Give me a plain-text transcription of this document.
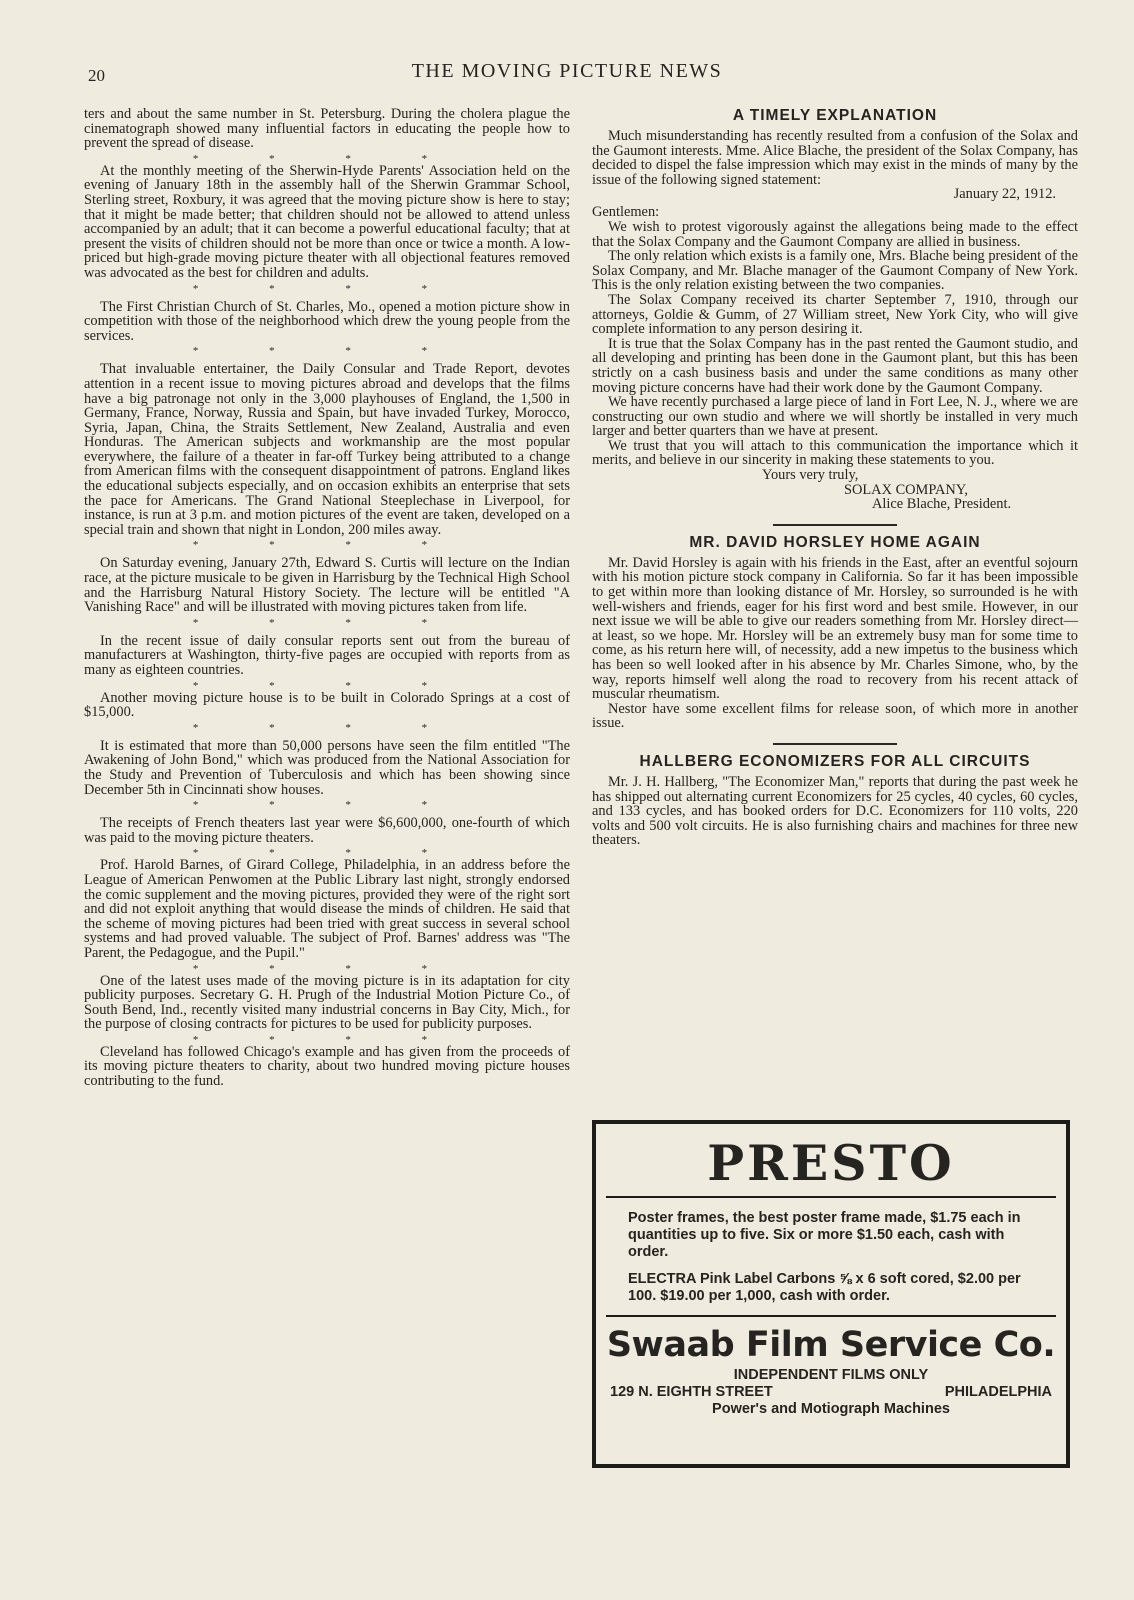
20	THE MOVING PICTURE NEWS

ters and about the same number in St. Petersburg. During the cholera plague the cinematograph showed many influential factors in educating the people how to prevent the spread of disease.

* * * *

At the monthly meeting of the Sherwin-Hyde Parents' Association held on the evening of January 18th in the assembly hall of the Sherwin Grammar School, Sterling street, Roxbury, it was agreed that the moving picture show is here to stay; that it might be made better; that children should not be allowed to attend unless accompanied by an adult; that it can become a powerful educational faculty; that at present the visits of children should not be more than once or twice a month. A low-priced but high-grade moving picture theater with all objectional features removed was advocated as the best for children and adults.

* * * *

The First Christian Church of St. Charles, Mo., opened a motion picture show in competition with those of the neighborhood which drew the young people from the services.

* * * *

That invaluable entertainer, the Daily Consular and Trade Report, devotes attention in a recent issue to moving pictures abroad and develops that the films have a big patronage not only in the 3,000 playhouses of England, the 1,500 in Germany, France, Norway, Russia and Spain, but have invaded Turkey, Morocco, Syria, Japan, China, the Straits Settlement, New Zealand, Australia and even Honduras. The American subjects and workmanship are the most popular everywhere, the failure of a theater in far-off Turkey being attributed to a change from American films with the consequent disappointment of patrons. England likes the educational subjects especially, and on occasion exhibits an enterprise that sets the pace for Americans. The Grand National Steeplechase in Liverpool, for instance, is run at 3 p.m. and motion pictures of the event are taken, developed on a special train and shown that night in London, 200 miles away.

* * * *

On Saturday evening, January 27th, Edward S. Curtis will lecture on the Indian race, at the picture musicale to be given in Harrisburg by the Technical High School and the Harrisburg Natural History Society. The lecture will be entitled "A Vanishing Race" and will be illustrated with moving pictures taken from life.

* * * *

In the recent issue of daily consular reports sent out from the bureau of manufacturers at Washington, thirty-five pages are occupied with reports from as many as eighteen countries.

* * * *

Another moving picture house is to be built in Colorado Springs at a cost of $15,000.

* * * *

It is estimated that more than 50,000 persons have seen the film entitled "The Awakening of John Bond," which was produced from the National Association for the Study and Prevention of Tuberculosis and which has been showing since December 5th in Cincinnati show houses.

* * * *

The receipts of French theaters last year were $6,600,000, one-fourth of which was paid to the moving picture theaters.

* * * *

Prof. Harold Barnes, of Girard College, Philadelphia, in an address before the League of American Penwomen at the Public Library last night, strongly endorsed the comic supplement and the moving pictures, provided they were of the right sort and did not exploit anything that would disease the minds of children. He said that the scheme of moving pictures had been tried with great success in several school systems and had proved valuable. The subject of Prof. Barnes' address was "The Parent, the Pedagogue, and the Pupil."

* * * *

One of the latest uses made of the moving picture is in its adaptation for city publicity purposes. Secretary G. H. Prugh of the Industrial Motion Picture Co., of South Bend, Ind., recently visited many industrial concerns in Bay City, Mich., for the purpose of closing contracts for pictures to be used for publicity purposes.

* * * *

Cleveland has followed Chicago's example and has given from the proceeds of its moving picture theaters to charity, about two hundred moving picture houses contributing to the fund.

A TIMELY EXPLANATION

Much misunderstanding has recently resulted from a confusion of the Solax and the Gaumont interests. Mme. Alice Blache, the president of the Solax Company, has decided to dispel the false impression which may exist in the minds of many by the issue of the following signed statement:

January 22, 1912.
Gentlemen:

We wish to protest vigorously against the allegations being made to the effect that the Solax Company and the Gaumont Company are allied in business.

The only relation which exists is a family one, Mrs. Blache being president of the Solax Company, and Mr. Blache manager of the Gaumont Company of New York. This is the only relation existing between the two companies.

The Solax Company received its charter September 7, 1910, through our attorneys, Goldie & Gumm, of 27 William street, New York City, who will give complete information to any person desiring it.

It is true that the Solax Company has in the past rented the Gaumont studio, and all developing and printing has been done in the Gaumont plant, but this has been strictly on a cash business basis and under the same conditions as many other moving picture concerns have had their work done by the Gaumont Company.

We have recently purchased a large piece of land in Fort Lee, N. J., where we are constructing our own studio and where we will shortly be installed in very much larger and better quarters than we have at present.

We trust that you will attach to this communication the importance which it merits, and believe in our sincerity in making these statements to you.

Yours very truly,
SOLAX COMPANY,
Alice Blache, President.
MR. DAVID HORSLEY HOME AGAIN

Mr. David Horsley is again with his friends in the East, after an eventful sojourn with his motion picture stock company in California. So far it has been impossible to get within more than looking distance of Mr. Horsley, so surrounded is he with well-wishers and friends, eager for his first word and best smile. However, in our next issue we will be able to give our readers something from Mr. Horsley direct—at least, so we hope. Mr. Horsley will be an extremely busy man for some time to come, as his return here will, of necessity, add a new impetus to the business which has been so well looked after in his absence by Mr. Charles Simone, who, by the way, reports himself well along the road to recovery from his recent attack of muscular rheumatism.

Nestor have some excellent films for release soon, of which more in another issue.

HALLBERG ECONOMIZERS FOR ALL CIRCUITS

Mr. J. H. Hallberg, "The Economizer Man," reports that during the past week he has shipped out alternating current Economizers for 25 cycles, 40 cycles, 60 cycles, and 133 cycles, and has booked orders for D.C. Economizers for 110 volts, 220 volts and 500 volt circuits. He is also furnishing chairs and machines for three new theaters.

PRESTO
Poster frames, the best poster frame made, $1.75 each in quantities up to five. Six or more $1.50 each, cash with order.
ELECTRA Pink Label Carbons ⅝ x 6 soft cored, $2.00 per 100. $19.00 per 1,000, cash with order.
Swaab Film Service Co.
INDEPENDENT FILMS ONLY
129 N. EIGHTH STREET	PHILADELPHIA
Power's and Motiograph Machines
